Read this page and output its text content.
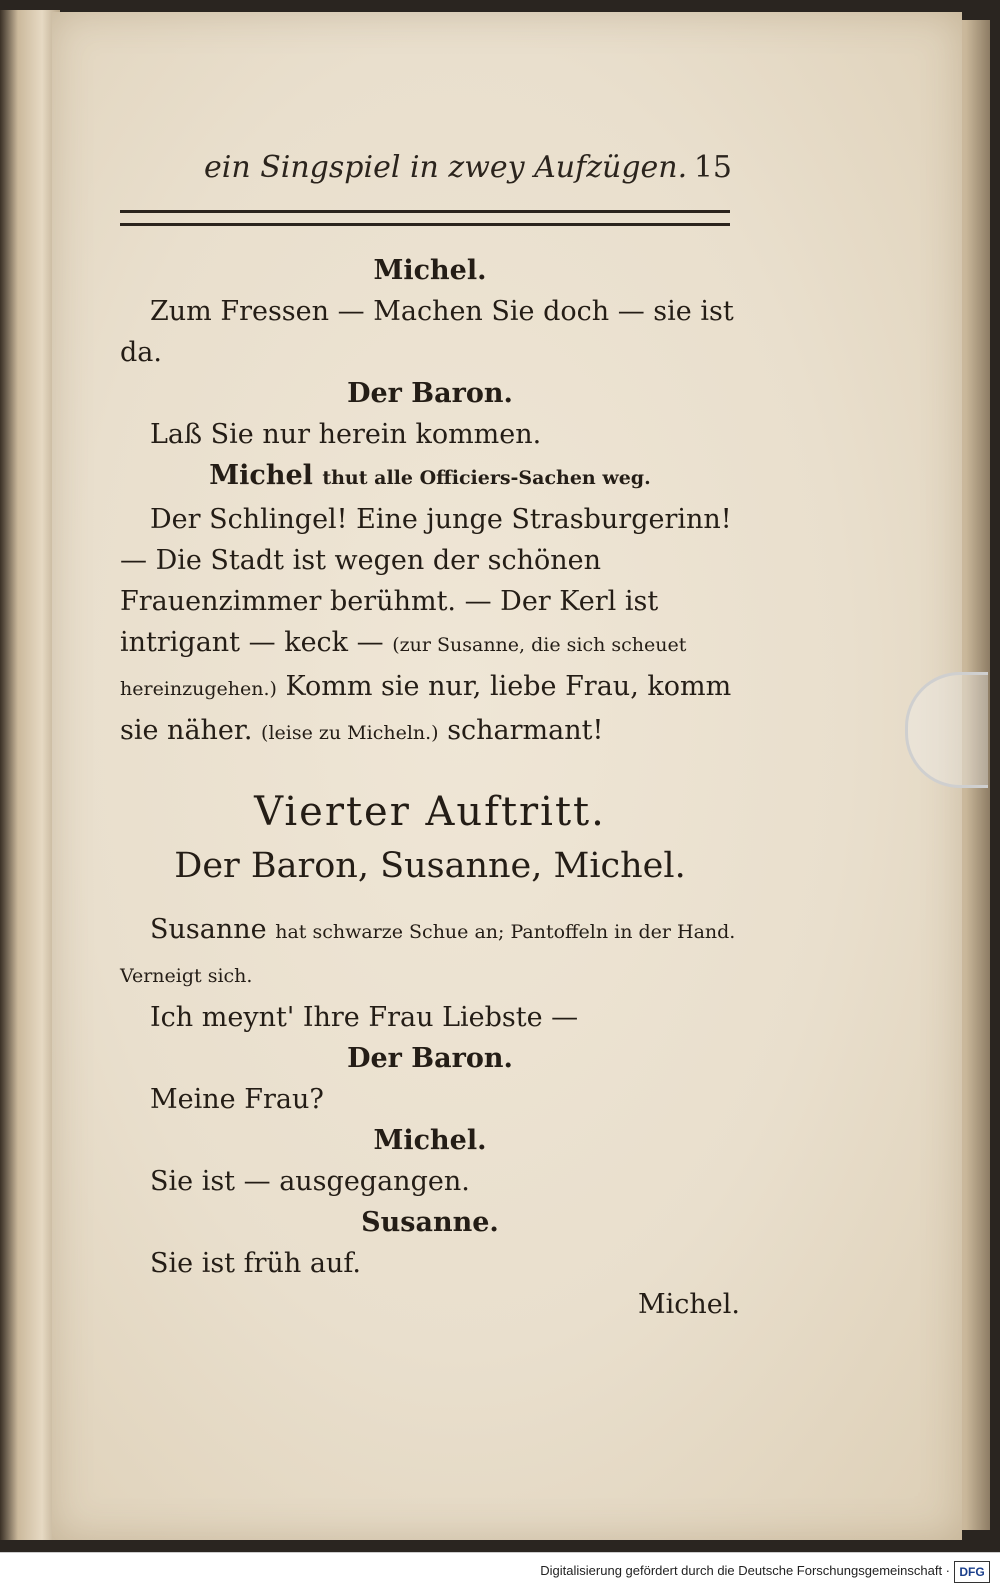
ein Singspiel in zwey Aufzügen. 15
Michel.
Zum Fressen — Machen Sie doch — sie ist da.
Der Baron.
Laß Sie nur herein kommen.
Michel thut alle Officiers-Sachen weg.
Der Schlingel! Eine junge Strasburgerinn! — Die Stadt ist wegen der schönen Frauenzimmer berühmt. — Der Kerl ist intrigant — keck — (zur Susanne, die sich scheuet hereinzugehen.) Komm sie nur, liebe Frau, komm sie näher. (leise zu Micheln.) scharmant!
Vierter Auftritt.
Der Baron, Susanne, Michel.
Susanne hat schwarze Schue an; Pantoffeln in der Hand. Verneigt sich.
Ich meynt' Ihre Frau Liebste —
Der Baron.
Meine Frau?
Michel.
Sie ist — ausgegangen.
Susanne.
Sie ist früh auf.
Michel.
Digitalisierung gefördert durch die Deutsche Forschungsgemeinschaft · DFG
